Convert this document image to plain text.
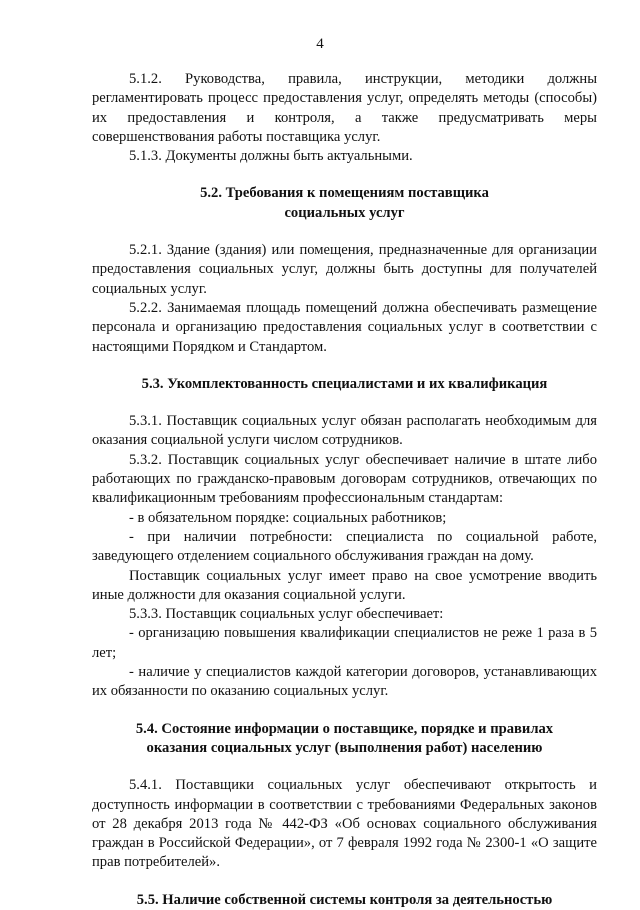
4

5.1.2. Руководства, правила, инструкции, методики должны регламентировать процесс предоставления услуг, определять методы (способы) их предоставления и контроля, а также предусматривать меры совершенствования работы поставщика услуг.

5.1.3. Документы должны быть актуальными.

5.2. Требования к помещениям поставщика
социальных услуг

5.2.1. Здание (здания) или помещения, предназначенные для организации предоставления социальных услуг, должны быть доступны для получателей социальных услуг.

5.2.2. Занимаемая площадь помещений должна обеспечивать размещение персонала и организацию предоставления социальных услуг в соответствии с настоящими Порядком и Стандартом.

5.3. Укомплектованность специалистами и их квалификация

5.3.1. Поставщик социальных услуг обязан располагать необходимым для оказания социальной услуги числом сотрудников.

5.3.2. Поставщик социальных услуг обеспечивает наличие в штате либо работающих по гражданско-правовым договорам сотрудников, отвечающих по квалификационным требованиям профессиональным стандартам:

- в обязательном порядке: социальных работников;

- при наличии потребности: специалиста по социальной работе, заведующего отделением социального обслуживания граждан на дому.

Поставщик социальных услуг имеет право на свое усмотрение вводить иные должности для оказания социальной услуги.

5.3.3. Поставщик социальных услуг обеспечивает:

- организацию повышения квалификации специалистов не реже 1 раза в 5 лет;

- наличие у специалистов каждой категории договоров, устанавливающих их обязанности по оказанию социальных услуг.

5.4. Состояние информации о поставщике, порядке и правилах
оказания социальных услуг (выполнения работ) населению

5.4.1. Поставщики социальных услуг обеспечивают открытость и доступность информации в соответствии с требованиями Федеральных законов от 28 декабря 2013 года № 442-ФЗ «Об основах социального обслуживания граждан в Российской Федерации», от 7 февраля 1992 года № 2300-1 «О защите прав потребителей».

5.5. Наличие собственной системы контроля за деятельностью
